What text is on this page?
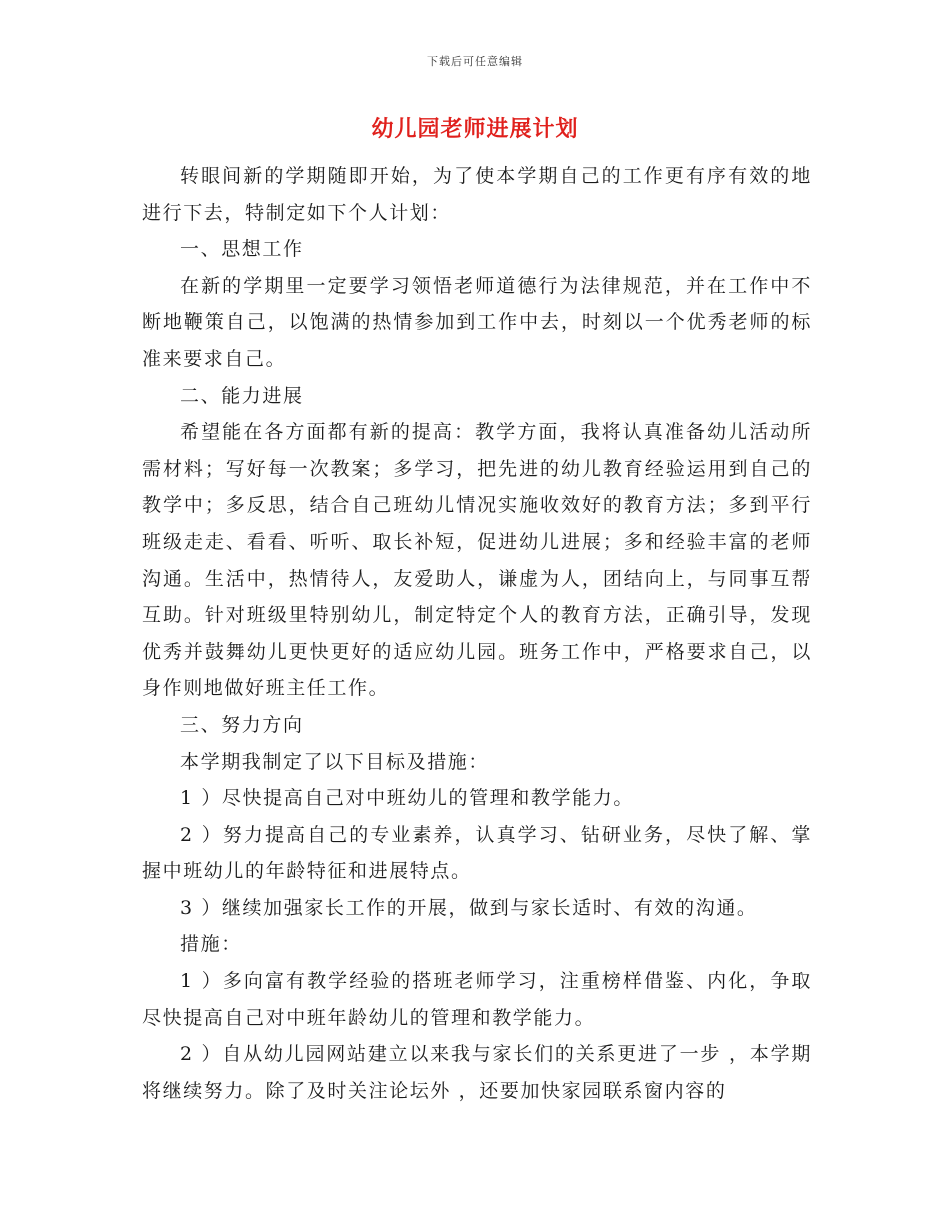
下载后可任意编辑
幼儿园老师进展计划

转眼间新的学期随即开始，为了使本学期自己的工作更有序有效的地进行下去，特制定如下个人计划：

一、思想工作

在新的学期里一定要学习领悟老师道德行为法律规范，并在工作中不断地鞭策自己，以饱满的热情参加到工作中去，时刻以一个优秀老师的标准来要求自己。

二、能力进展

希望能在各方面都有新的提高：教学方面，我将认真准备幼儿活动所需材料；写好每一次教案；多学习，把先进的幼儿教育经验运用到自己的教学中；多反思，结合自己班幼儿情况实施收效好的教育方法；多到平行班级走走、看看、听听、取长补短，促进幼儿进展；多和经验丰富的老师沟通。生活中，热情待人，友爱助人，谦虚为人，团结向上，与同事互帮互助。针对班级里特别幼儿，制定特定个人的教育方法，正确引导，发现优秀并鼓舞幼儿更快更好的适应幼儿园。班务工作中，严格要求自己，以身作则地做好班主任工作。

三、努力方向

本学期我制定了以下目标及措施：

1 ）尽快提高自己对中班幼儿的管理和教学能力。

2 ）努力提高自己的专业素养，认真学习、钻研业务，尽快了解、掌握中班幼儿的年龄特征和进展特点。

3 ）继续加强家长工作的开展，做到与家长适时、有效的沟通。

措施：

1 ）多向富有教学经验的搭班老师学习，注重榜样借鉴、内化，争取尽快提高自己对中班年龄幼儿的管理和教学能力。

2 ）自从幼儿园网站建立以来我与家长们的关系更进了一步 ，本学期将继续努力。除了及时关注论坛外 ，还要加快家园联系窗内容的
